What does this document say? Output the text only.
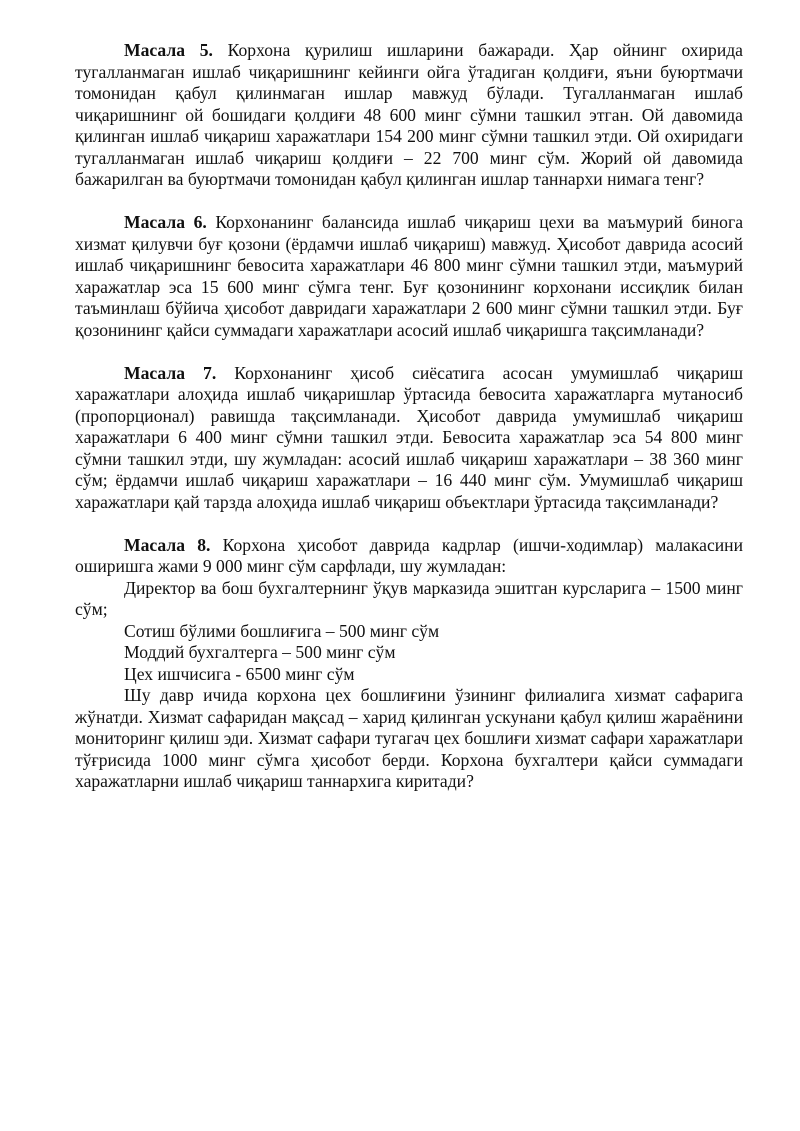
Масала 5. Корхона қурилиш ишларини бажаради. Ҳар ойнинг охирида тугалланмаган ишлаб чиқаришнинг кейинги ойга ўтадиган қолдиғи, яъни буюртмачи томонидан қабул қилинмаган ишлар мавжуд бўлади. Тугалланмаган ишлаб чиқаришнинг ой бошидаги қолдиғи 48 600 минг сўмни ташкил этган. Ой давомида қилинган ишлаб чиқариш харажатлари 154 200 минг сўмни ташкил этди. Ой охиридаги тугалланмаган ишлаб чиқариш қолдиғи – 22 700 минг сўм. Жорий ой давомида бажарилган ва буюртмачи томонидан қабул қилинган ишлар таннархи нимага тенг?

Масала 6. Корхонанинг балансида ишлаб чиқариш цехи ва маъмурий бинога хизмат қилувчи буғ қозони (ёрдамчи ишлаб чиқариш) мавжуд. Ҳисобот даврида асосий ишлаб чиқаришнинг бевосита харажатлари 46 800 минг сўмни ташкил этди, маъмурий харажатлар эса 15 600 минг сўмга тенг. Буғ қозонининг корхонани иссиқлик билан таъминлаш бўйича ҳисобот давридаги харажатлари 2 600 минг сўмни ташкил этди. Буғ қозонининг қайси суммадаги харажатлари асосий ишлаб чиқаришга тақсимланади?

Масала 7. Корхонанинг ҳисоб сиёсатига асосан умумишлаб чиқариш харажатлари алоҳида ишлаб чиқаришлар ўртасида бевосита харажатларга мутаносиб (пропорционал) равишда тақсимланади. Ҳисобот даврида умумишлаб чиқариш харажатлари 6 400 минг сўмни ташкил этди. Бевосита харажатлар эса 54 800 минг сўмни ташкил этди, шу жумладан: асосий ишлаб чиқариш харажатлари – 38 360 минг сўм; ёрдамчи ишлаб чиқариш харажатлари – 16 440 минг сўм. Умумишлаб чиқариш харажатлари қай тарзда алоҳида ишлаб чиқариш объектлари ўртасида тақсимланади?

Масала 8. Корхона ҳисобот даврида кадрлар (ишчи-ходимлар) малакасини оширишга жами 9 000 минг сўм сарфлади, шу жумладан:

Директор ва бош бухгалтернинг ўқув марказида эшитган курсларига – 1500 минг сўм;

Сотиш бўлими бошлиғига – 500 минг сўм

Моддий бухгалтерга – 500 минг сўм

Цех ишчисига - 6500 минг сўм

Шу давр ичида корхона цех бошлиғини ўзининг филиалига хизмат сафарига жўнатди. Хизмат сафаридан мақсад – харид қилинган ускунани қабул қилиш жараёнини мониторинг қилиш эди. Хизмат сафари тугагач цех бошлиғи хизмат сафари харажатлари тўғрисида 1000 минг сўмга ҳисобот берди. Корхона бухгалтери қайси суммадаги харажатларни ишлаб чиқариш таннархига киритади?
